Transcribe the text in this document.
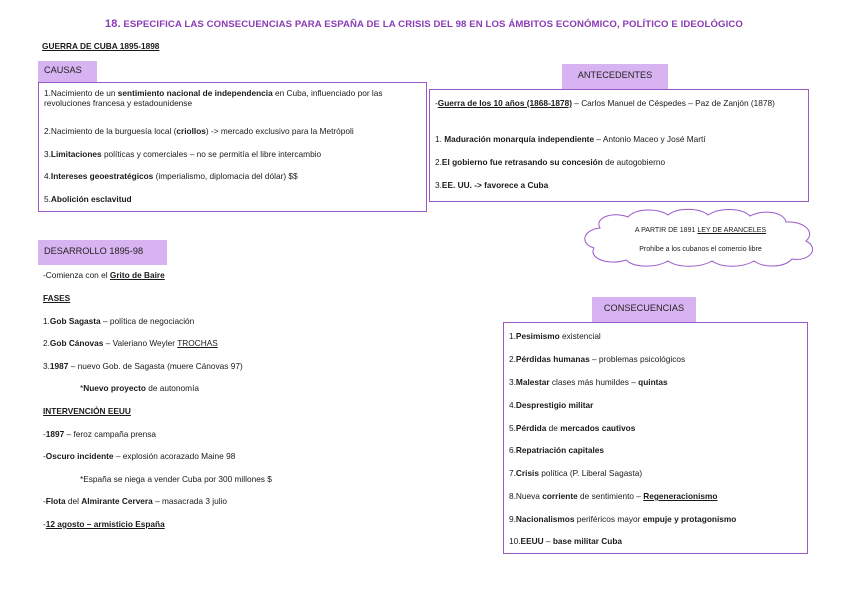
18. ESPECIFICA LAS CONSECUENCIAS PARA ESPAÑA DE LA CRISIS DEL 98 EN LOS ÁMBITOS ECONÓMICO, POLÍTICO E IDEOLÓGICO
GUERRA DE CUBA 1895-1898
CAUSAS
1.Nacimiento de un sentimiento nacional de independencia en Cuba, influenciado por las revoluciones francesa y estadounidense
2.Nacimiento de la burguesía local (criollos) -> mercado exclusivo para la Metrópoli
3.Limitaciones políticas y comerciales – no se permitía el libre intercambio
4.Intereses geoestratégicos (imperialismo, diplomacia del dólar) $$
5.Abolición esclavitud
ANTECEDENTES
-Guerra de los 10 años (1868-1878) – Carlos Manuel de Céspedes – Paz de Zanjón (1878)
1. Maduración monarquía independiente – Antonio Maceo y José Martí
2.El gobierno fue retrasando su concesión de autogobierno
3.EE. UU. -> favorece a Cuba
A PARTIR DE 1891 LEY DE ARANCELES
Prohíbe a los cubanos el comercio libre
DESARROLLO 1895-98
-Comienza con el Grito de Baire
FASES
1.Gob Sagasta – política de negociación
2.Gob Cánovas – Valeriano Weyler TROCHAS
3.1987 – nuevo Gob. de Sagasta (muere Cánovas 97)
*Nuevo proyecto de autonomía
INTERVENCIÓN EEUU
-1897 – feroz campaña prensa
-Oscuro incidente – explosión acorazado Maine 98
*España se niega a vender Cuba por 300 millones $
-Flota del Almirante Cervera – masacrada 3 julio
-12 agosto – armisticio España
CONSECUENCIAS
1.Pesimismo existencial
2.Pérdidas humanas – problemas psicológicos
3.Malestar clases más humildes – quintas
4.Desprestigio militar
5.Pérdida de mercados cautivos
6.Repatriación capitales
7.Crisis política (P. Liberal Sagasta)
8.Nueva corriente de sentimiento – Regeneracionismo
9.Nacionalismos periféricos mayor empuje y protagonismo
10.EEUU – base militar Cuba
